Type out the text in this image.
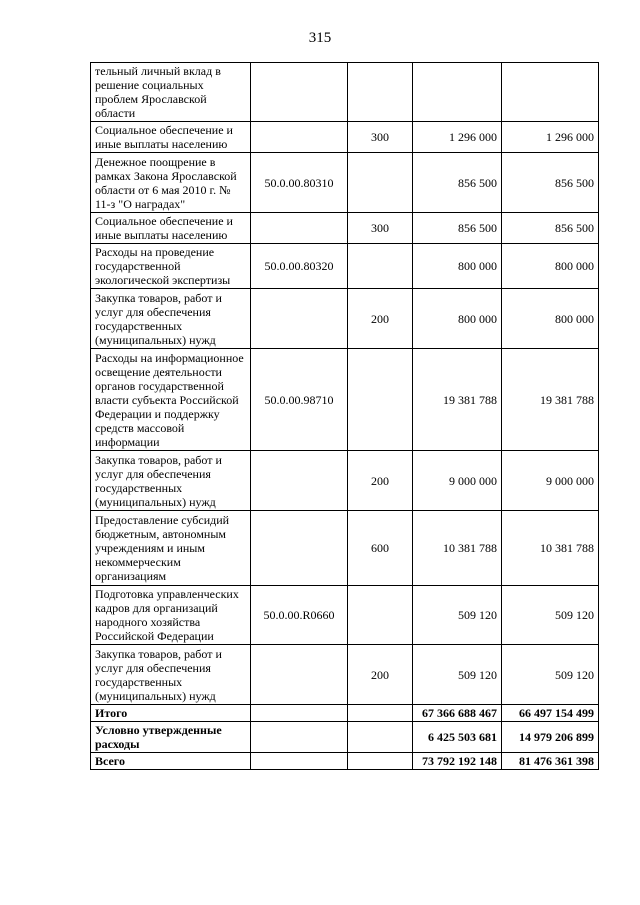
315
тельный личный вклад в решение социальных проблем Ярославской области				
Социальное обеспечение и иные выплаты населению		300	1 296 000	1 296 000
Денежное поощрение в рамках Закона Ярославской области от 6 мая 2010 г. № 11-з "О наградах"	50.0.00.80310		856 500	856 500
Социальное обеспечение и иные выплаты населению		300	856 500	856 500
Расходы на проведение государственной экологической экспертизы	50.0.00.80320		800 000	800 000
Закупка товаров, работ и услуг для обеспечения государственных (муниципальных) нужд		200	800 000	800 000
Расходы на информационное освещение деятельности органов государственной власти субъекта Российской Федерации и поддержку средств массовой информации	50.0.00.98710		19 381 788	19 381 788
Закупка товаров, работ и услуг для обеспечения государственных (муниципальных) нужд		200	9 000 000	9 000 000
Предоставление субсидий бюджетным, автономным учреждениям и иным некоммерческим организациям		600	10 381 788	10 381 788
Подготовка управленческих кадров для организаций народного хозяйства Российской Федерации	50.0.00.R0660		509 120	509 120
Закупка товаров, работ и услуг для обеспечения государственных (муниципальных) нужд		200	509 120	509 120
Итого			67 366 688 467	66 497 154 499
Условно утвержденные расходы			6 425 503 681	14 979 206 899
Всего			73 792 192 148	81 476 361 398
